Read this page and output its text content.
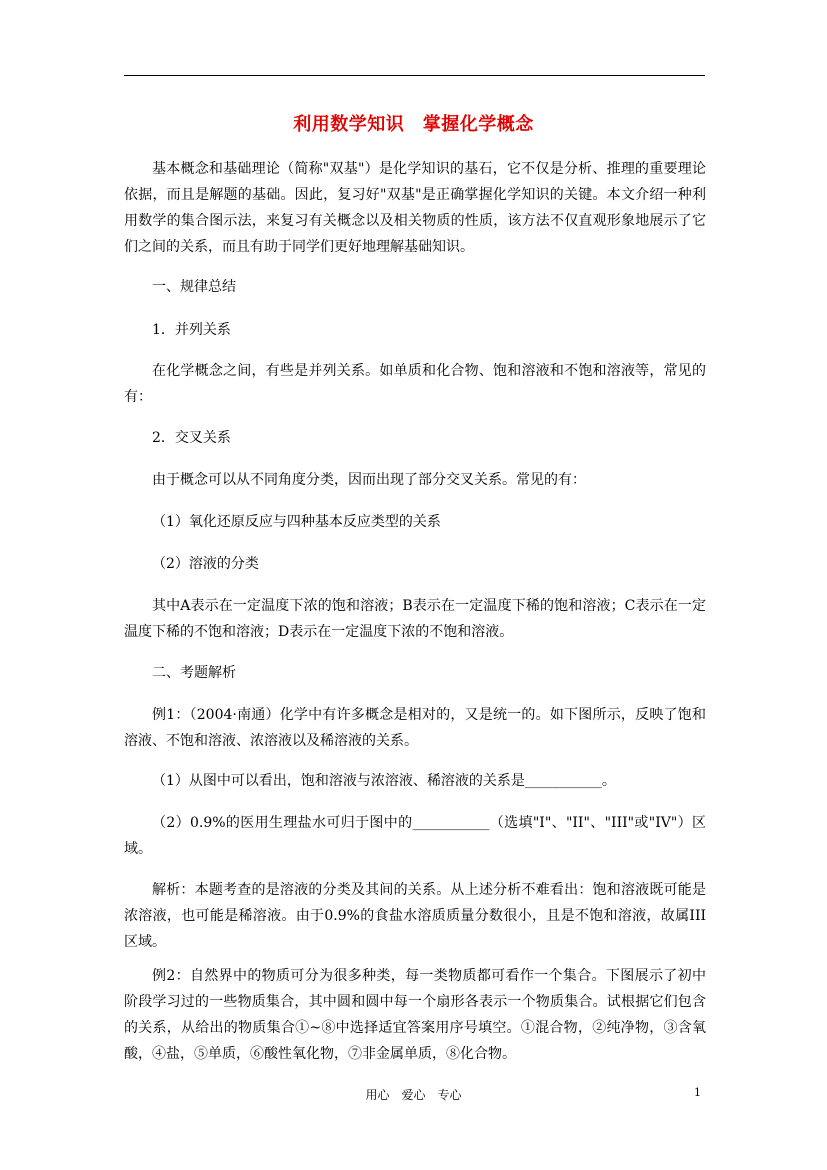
利用数学知识　掌握化学概念

基本概念和基础理论（简称"双基"）是化学知识的基石，它不仅是分析、推理的重要理论依据，而且是解题的基础。因此，复习好"双基"是正确掌握化学知识的关键。本文介绍一种利用数学的集合图示法，来复习有关概念以及相关物质的性质，该方法不仅直观形象地展示了它们之间的关系，而且有助于同学们更好地理解基础知识。

一、规律总结

1．并列关系

在化学概念之间，有些是并列关系。如单质和化合物、饱和溶液和不饱和溶液等，常见的有：

2．交叉关系

由于概念可以从不同角度分类，因而出现了部分交叉关系。常见的有：

（1）氧化还原反应与四种基本反应类型的关系

（2）溶液的分类

其中A表示在一定温度下浓的饱和溶液；B表示在一定温度下稀的饱和溶液；C表示在一定温度下稀的不饱和溶液；D表示在一定温度下浓的不饱和溶液。

二、考题解析

例1：（2004·南通）化学中有许多概念是相对的，又是统一的。如下图所示，反映了饱和溶液、不饱和溶液、浓溶液以及稀溶液的关系。

（1）从图中可以看出，饱和溶液与浓溶液、稀溶液的关系是___________。

（2）0.9%的医用生理盐水可归于图中的___________（选填"I"、"II"、"III"或"IV"）区域。

解析：本题考查的是溶液的分类及其间的关系。从上述分析不难看出：饱和溶液既可能是浓溶液，也可能是稀溶液。由于0.9%的食盐水溶质质量分数很小，且是不饱和溶液，故属III区域。

例2：自然界中的物质可分为很多种类，每一类物质都可看作一个集合。下图展示了初中阶段学习过的一些物质集合，其中圆和圆中每一个扇形各表示一个物质集合。试根据它们包含的关系，从给出的物质集合①~⑧中选择适宜答案用序号填空。①混合物，②纯净物，③含氧酸，④盐，⑤单质，⑥酸性氧化物，⑦非金属单质，⑧化合物。

用心　爱心　专心	1
